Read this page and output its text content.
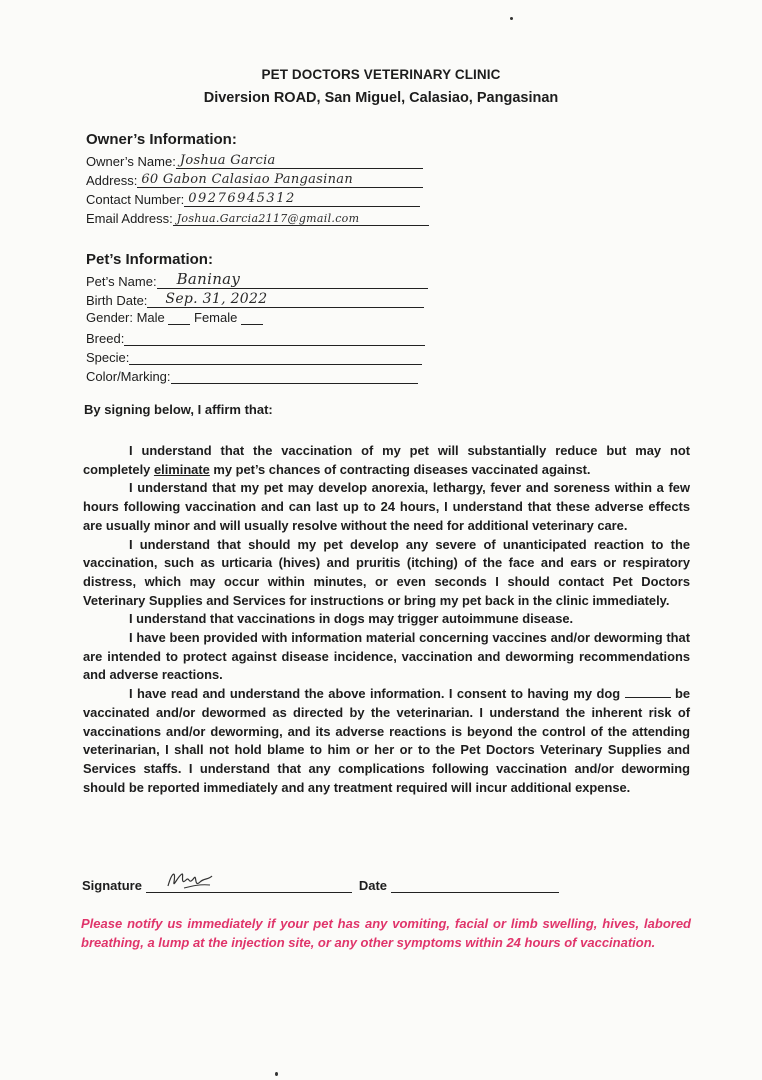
PET DOCTORS VETERINARY CLINIC
Diversion ROAD, San Miguel, Calasiao, Pangasinan
Owner’s Information:
Owner’s Name: Joshua Garcia
Address: 60 Gabon Calasiao Pangasinan
Contact Number: 09276945312
Email Address: Joshua.Garcia2117@gmail.com
Pet’s Information:
Pet’s Name: Baninay
Birth Date: Sep. 31, 2022
Gender: Male Female
Breed:
Specie:
Color/Marking:
By signing below, I affirm that:

I understand that the vaccination of my pet will substantially reduce but may not completely eliminate my pet’s chances of contracting diseases vaccinated against.

I understand that my pet may develop anorexia, lethargy, fever and soreness within a few hours following vaccination and can last up to 24 hours, I understand that these adverse effects are usually minor and will usually resolve without the need for additional veterinary care.

I understand that should my pet develop any severe of unanticipated reaction to the vaccination, such as urticaria (hives) and pruritis (itching) of the face and ears or respiratory distress, which may occur within minutes, or even seconds I should contact Pet Doctors Veterinary Supplies and Services for instructions or bring my pet back in the clinic immediately.

I understand that vaccinations in dogs may trigger autoimmune disease.

I have been provided with information material concerning vaccines and/or deworming that are intended to protect against disease incidence, vaccination and deworming recommendations and adverse reactions.

I have read and understand the above information. I consent to having my dog	be vaccinated and/or dewormed as directed by the veterinarian. I understand the inherent risk of vaccinations and/or deworming, and its adverse reactions is beyond the control of the attending veterinarian, I shall not hold blame to him or her or to the Pet Doctors Veterinary Supplies and Services staffs. I understand that any complications following vaccination and/or deworming should be reported immediately and any treatment required will incur additional expense.

Signature	Date
Please notify us immediately if your pet has any vomiting, facial or limb swelling, hives, labored breathing, a lump at the injection site, or any other symptoms within 24 hours of vaccination.
